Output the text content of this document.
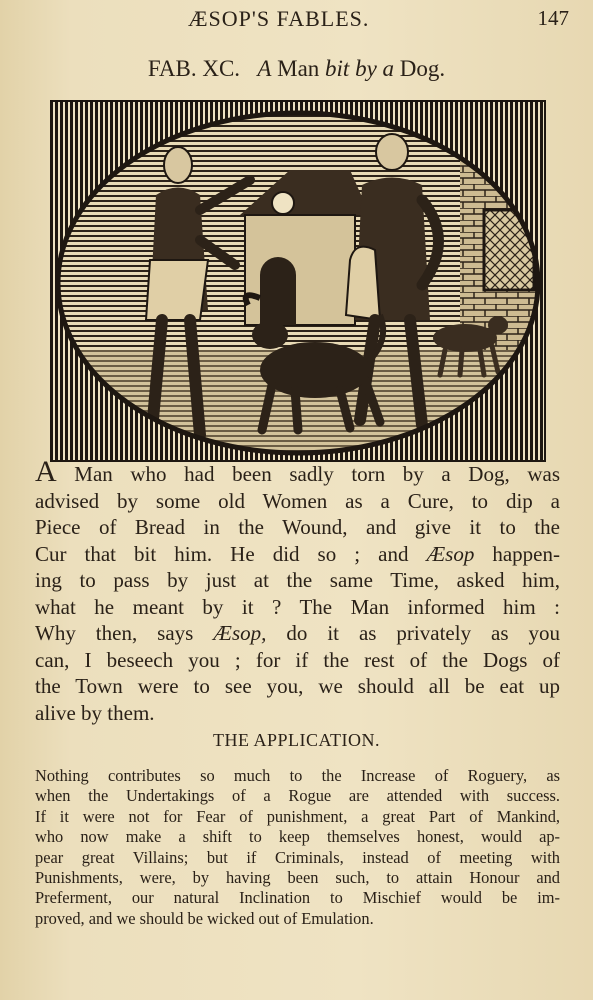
ÆSOP'S FABLES.	147
FAB. XC. A Man bit by a Dog.
A Man who had been sadly torn by a Dog, was
advised by some old Women as a Cure, to dip a
Piece of Bread in the Wound, and give it to the
Cur that bit him. He did so ; and Æsop happen-
ing to pass by just at the same Time, asked him,
what he meant by it ? The Man informed him :
Why then, says Æsop, do it as privately as you
can, I beseech you ; for if the rest of the Dogs of
the Town were to see you, we should all be eat up
alive by them.
THE APPLICATION.
Nothing contributes so much to the Increase of Roguery, as
when the Undertakings of a Rogue are attended with success.
If it were not for Fear of punishment, a great Part of Mankind,
who now make a shift to keep themselves honest, would ap-
pear great Villains; but if Criminals, instead of meeting with
Punishments, were, by having been such, to attain Honour and
Preferment, our natural Inclination to Mischief would be im-
proved, and we should be wicked out of Emulation.
